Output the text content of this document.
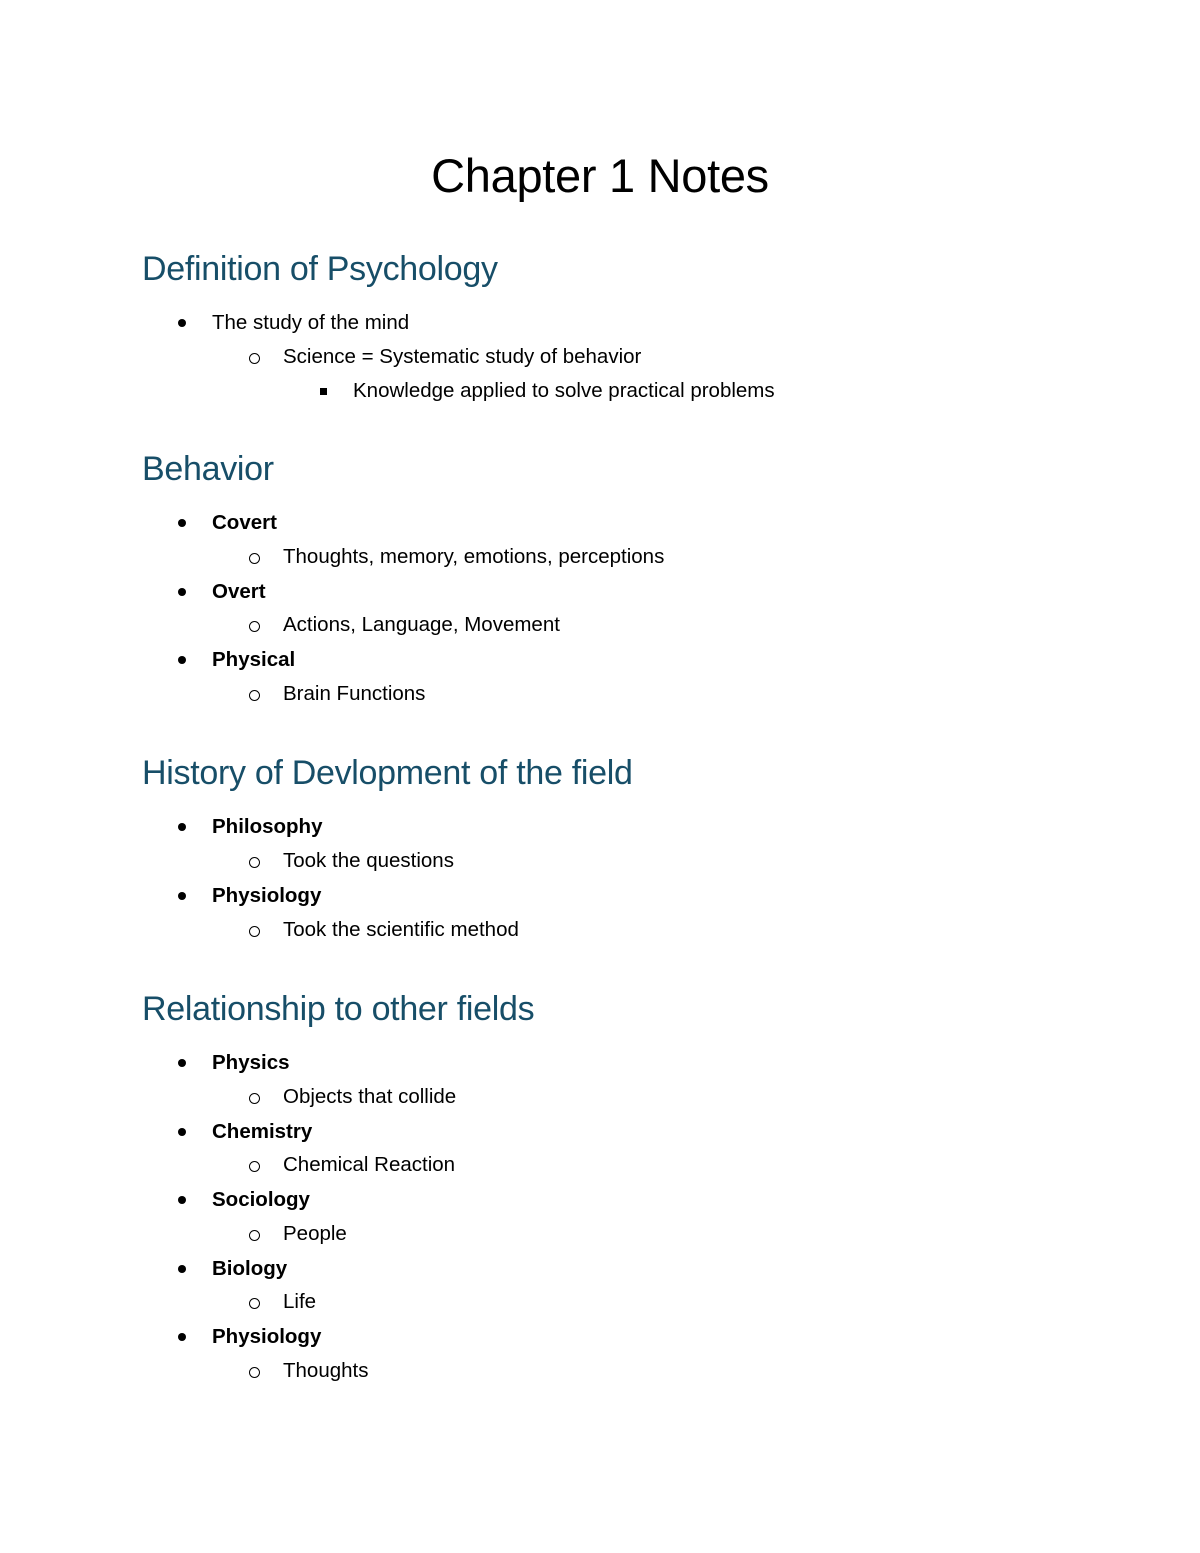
Chapter 1 Notes
Definition of Psychology
The study of the mind
Science = Systematic study of behavior
Knowledge applied to solve practical problems
Behavior
Covert
Thoughts, memory, emotions, perceptions
Overt
Actions, Language, Movement
Physical
Brain Functions
History of Devlopment of the field
Philosophy
Took the questions
Physiology
Took the scientific method
Relationship to other fields
Physics
Objects that collide
Chemistry
Chemical Reaction
Sociology
People
Biology
Life
Physiology
Thoughts
